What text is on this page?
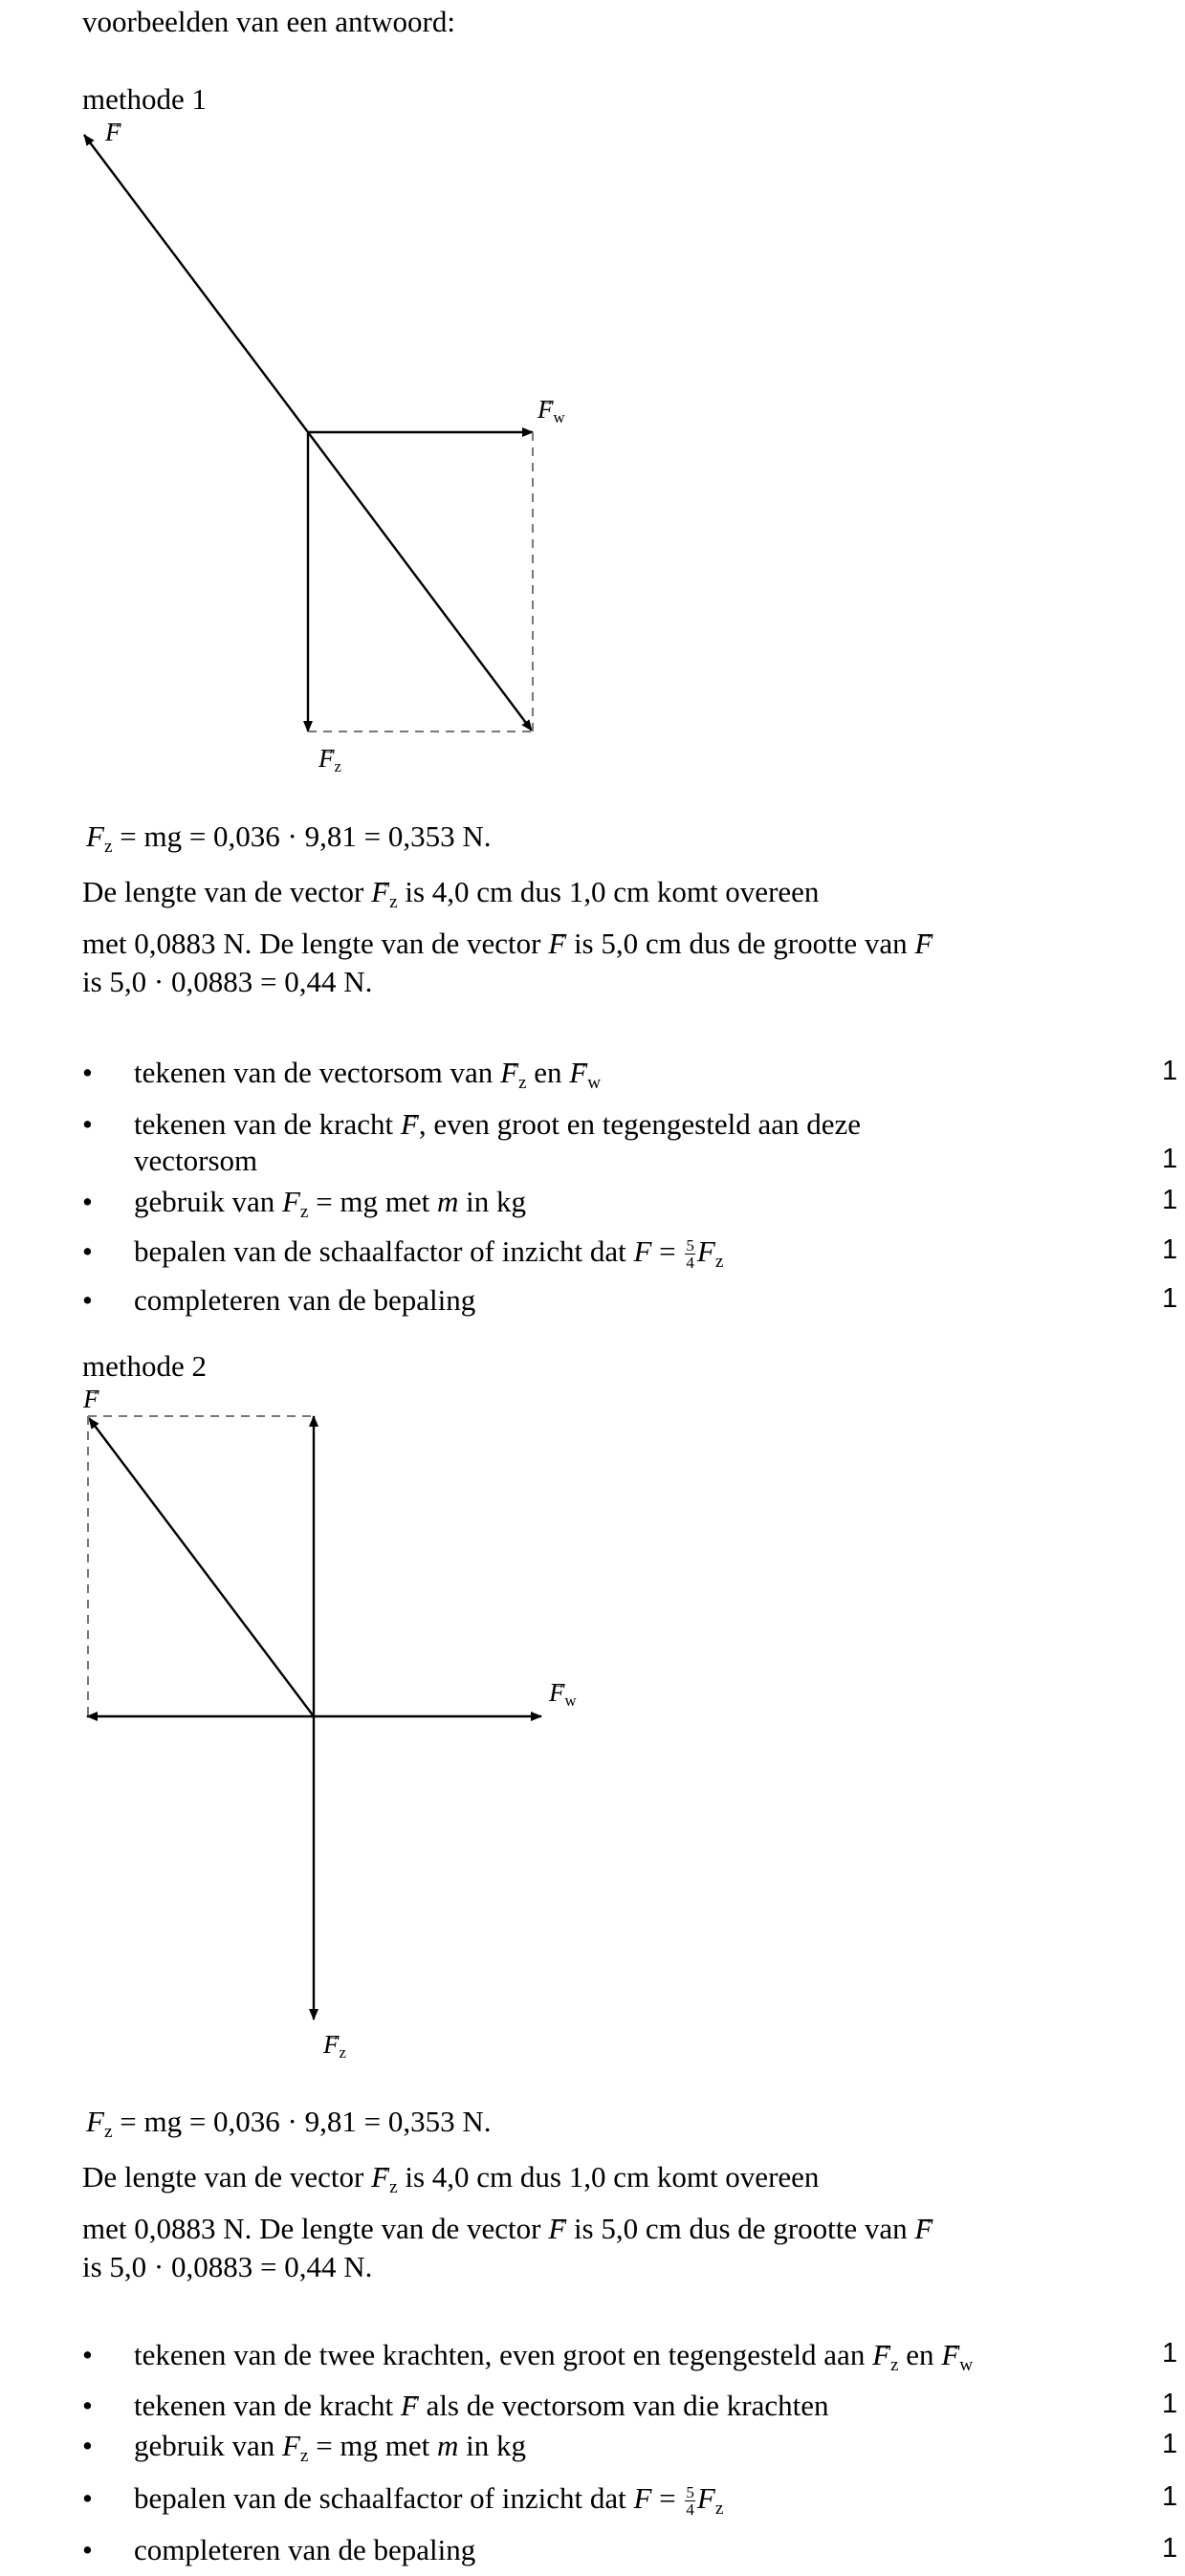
voorbeelden van een antwoord:
methode 1
→ F
→ $F_w$
→ $F_z$
$F_z$ = mg = 0,036 · 9,81 = 0,353 N.
De lengte van de vector → $F_z$ is 4,0 cm dus 1,0 cm komt overeen
met 0,0883 N. De lengte van de vector → F is 5,0 cm dus de grootte van → F
is 5,0 · 0,0883 = 0,44 N.
• tekenen van de vectorsom van → $F_z$ en → $F_w$	1
• tekenen van de kracht → F, even groot en tegengesteld aan deze
vectorsom	1
• gebruik van $F_z$ = mg met m in kg	1
• bepalen van de schaalfactor of inzicht dat $F = \frac{5}{4} F_z$	1
• completeren van de bepaling	1
methode 2
→ F
→ $F_w$
→ $F_z$
$F_z$ = mg = 0,036 · 9,81 = 0,353 N.
De lengte van de vector → $F_z$ is 4,0 cm dus 1,0 cm komt overeen
met 0,0883 N. De lengte van de vector → F is 5,0 cm dus de grootte van → F
is 5,0 · 0,0883 = 0,44 N.
• tekenen van de twee krachten, even groot en tegengesteld aan → $F_z$ en → $F_w$	1
• tekenen van de kracht → F als de vectorsom van die krachten	1
• gebruik van $F_z$ = mg met m in kg	1
• bepalen van de schaalfactor of inzicht dat $F = \frac{5}{4} F_z$	1
• completeren van de bepaling	1
